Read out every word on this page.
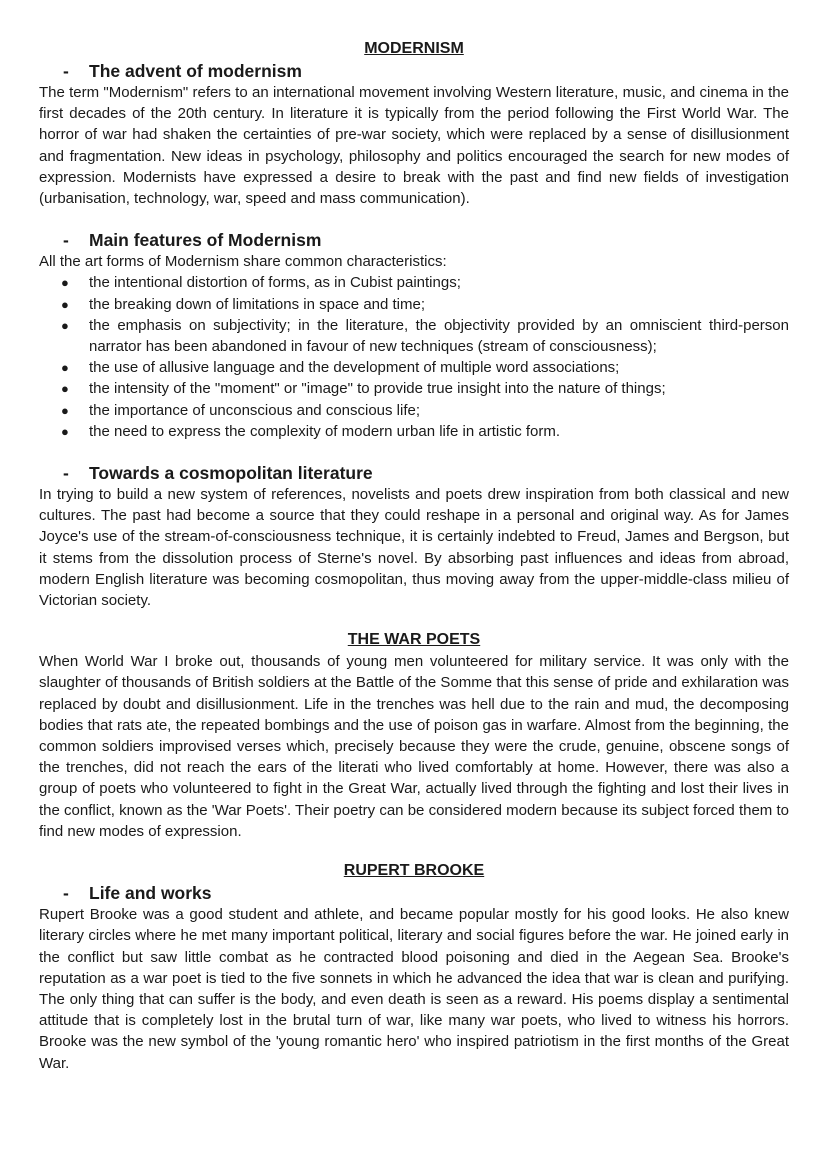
MODERNISM
-	The advent of modernism

The term "Modernism" refers to an international movement involving Western literature, music, and cinema in the first decades of the 20th century. In literature it is typically from the period following the First World War. The horror of war had shaken the certainties of pre-war society, which were replaced by a sense of disillusionment and fragmentation. New ideas in psychology, philosophy and politics encouraged the search for new modes of expression. Modernists have expressed a desire to break with the past and find new fields of investigation (urbanisation, technology, war, speed and mass communication).

-	Main features of Modernism

All the art forms of Modernism share common characteristics:

● the intentional distortion of forms, as in Cubist paintings;
● the breaking down of limitations in space and time;
● the emphasis on subjectivity; in the literature, the objectivity provided by an omniscient third-person narrator has been abandoned in favour of new techniques (stream of consciousness);
● the use of allusive language and the development of multiple word associations;
● the intensity of the "moment" or "image" to provide true insight into the nature of things;
● the importance of unconscious and conscious life;
● the need to express the complexity of modern urban life in artistic form.
-	Towards a cosmopolitan literature

In trying to build a new system of references, novelists and poets drew inspiration from both classical and new cultures. The past had become a source that they could reshape in a personal and original way. As for James Joyce's use of the stream-of-consciousness technique, it is certainly indebted to Freud, James and Bergson, but it stems from the dissolution process of Sterne's novel. By absorbing past influences and ideas from abroad, modern English literature was becoming cosmopolitan, thus moving away from the upper-middle-class milieu of Victorian society.

THE WAR POETS

When World War I broke out, thousands of young men volunteered for military service. It was only with the slaughter of thousands of British soldiers at the Battle of the Somme that this sense of pride and exhilaration was replaced by doubt and disillusionment. Life in the trenches was hell due to the rain and mud, the decomposing bodies that rats ate, the repeated bombings and the use of poison gas in warfare. Almost from the beginning, the common soldiers improvised verses which, precisely because they were the crude, genuine, obscene songs of the trenches, did not reach the ears of the literati who lived comfortably at home. However, there was also a group of poets who volunteered to fight in the Great War, actually lived through the fighting and lost their lives in the conflict, known as the 'War Poets'. Their poetry can be considered modern because its subject forced them to find new modes of expression.

RUPERT BROOKE
-	Life and works

Rupert Brooke was a good student and athlete, and became popular mostly for his good looks. He also knew literary circles where he met many important political, literary and social figures before the war. He joined early in the conflict but saw little combat as he contracted blood poisoning and died in the Aegean Sea. Brooke's reputation as a war poet is tied to the five sonnets in which he advanced the idea that war is clean and purifying. The only thing that can suffer is the body, and even death is seen as a reward. His poems display a sentimental attitude that is completely lost in the brutal turn of war, like many war poets, who lived to witness his horrors. Brooke was the new symbol of the 'young romantic hero' who inspired patriotism in the first months of the Great War.
